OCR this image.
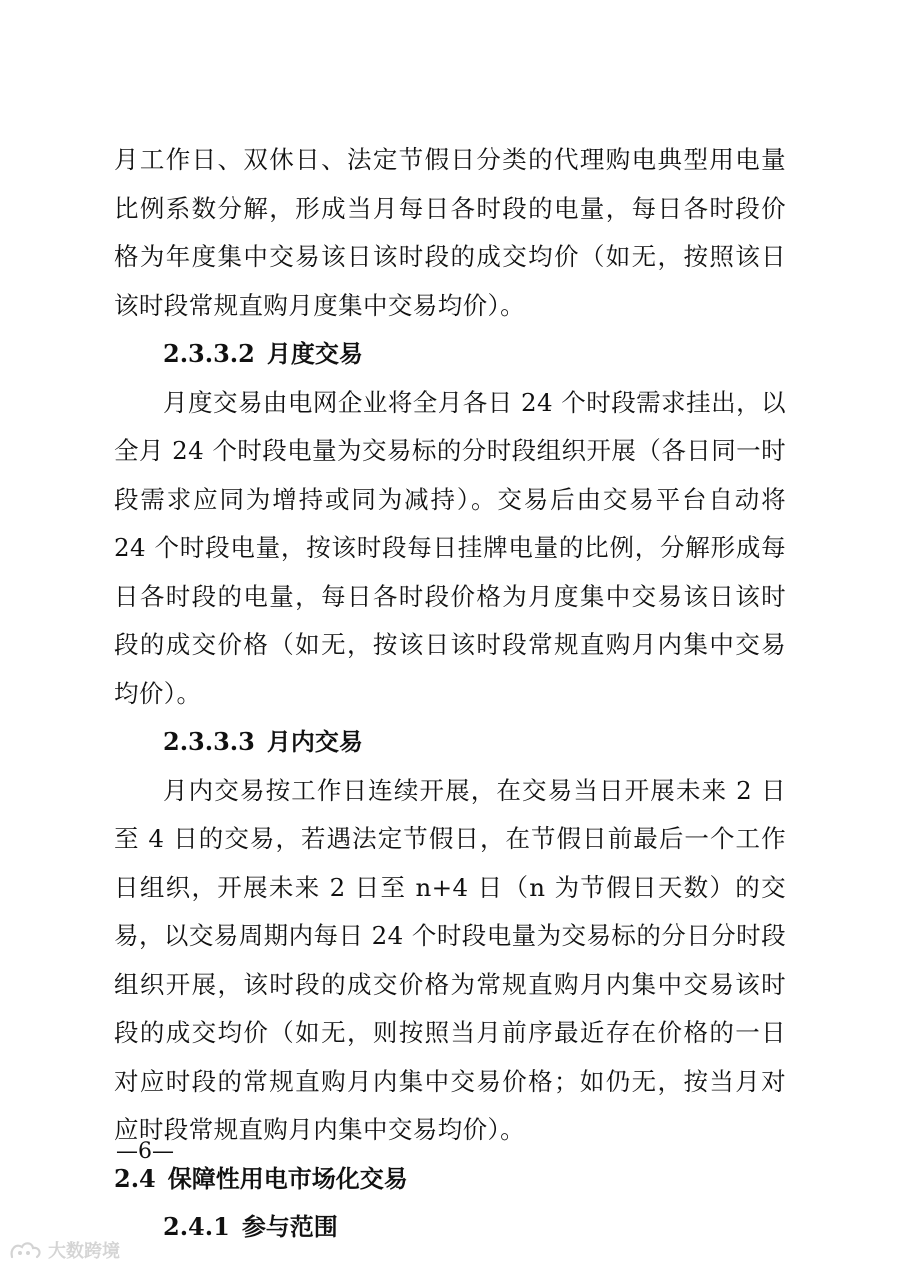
月工作日、双休日、法定节假日分类的代理购电典型用电量比例系数分解，形成当月每日各时段的电量，每日各时段价格为年度集中交易该日该时段的成交均价（如无，按照该日该时段常规直购月度集中交易均价）。

2.3.3.2 月度交易

月度交易由电网企业将全月各日 24 个时段需求挂出，以全月 24 个时段电量为交易标的分时段组织开展（各日同一时段需求应同为增持或同为减持）。交易后由交易平台自动将 24 个时段电量，按该时段每日挂牌电量的比例，分解形成每日各时段的电量，每日各时段价格为月度集中交易该日该时段的成交价格（如无，按该日该时段常规直购月内集中交易均价）。

2.3.3.3 月内交易

月内交易按工作日连续开展，在交易当日开展未来 2 日至 4 日的交易，若遇法定节假日，在节假日前最后一个工作日组织，开展未来 2 日至 n+4 日（n 为节假日天数）的交易，以交易周期内每日 24 个时段电量为交易标的分日分时段组织开展，该时段的成交价格为常规直购月内集中交易该时段的成交均价（如无，则按照当月前序最近存在价格的一日对应时段的常规直购月内集中交易价格；如仍无，按当月对应时段常规直购月内集中交易均价）。

2.4 保障性用电市场化交易

2.4.1 参与范围

—6—
大数跨境
